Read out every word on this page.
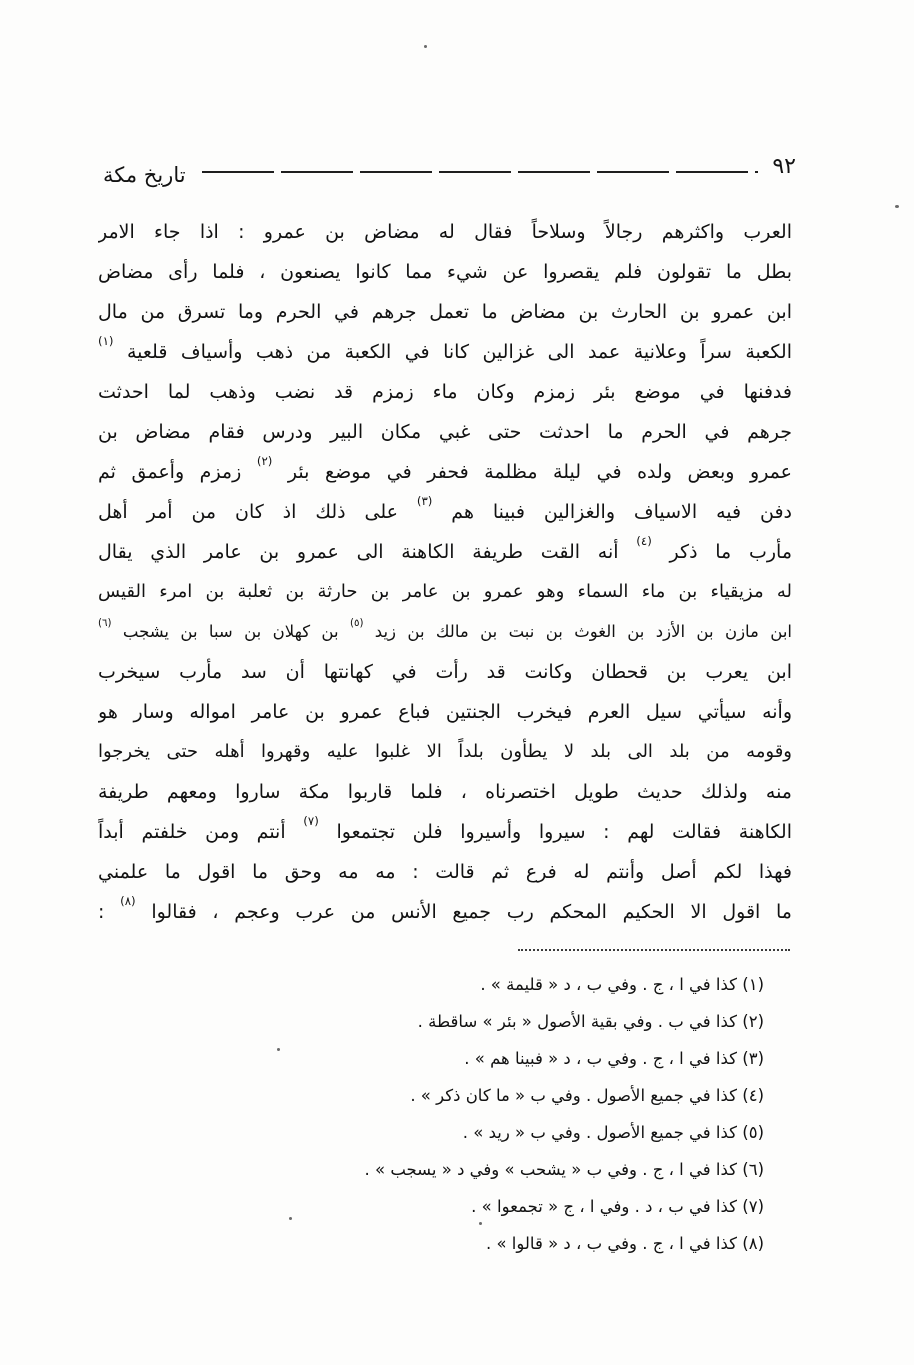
٩٢
تاريخ مكة
العرب واكثرهم رجالاً وسلاحاً فقال له مضاض بن عمرو : اذا جاء الامر
بطل ما تقولون فلم يقصروا عن شيء مما كانوا يصنعون ، فلما رأى مضاض
ابن عمرو بن الحارث بن مضاض ما تعمل جرهم في الحرم وما تسرق من مال
الكعبة سراً وعلانية عمد الى غزالين كانا في الكعبة من ذهب وأسياف قلعية $^{(١)}$
فدفنها في موضع بئر زمزم وكان ماء زمزم قد نضب وذهب لما احدثت
جرهم في الحرم ما احدثت حتى غبي مكان البير ودرس فقام مضاض بن
عمرو وبعض ولده في ليلة مظلمة فحفر في موضع بئر $^{(٢)}$ زمزم وأعمق ثم
دفن فيه الاسياف والغزالين فبينا هم $^{(٣)}$ على ذلك اذ كان من أمر أهل
مأرب ما ذكر $^{(٤)}$ أنه القت طريفة الكاهنة الى عمرو بن عامر الذي يقال
له مزيقياء بن ماء السماء وهو عمرو بن عامر بن حارثة بن ثعلبة بن امرء القيس
ابن مازن بن الأزد بن الغوث بن نبت بن مالك بن زيد $^{(٥)}$ بن كهلان بن سبا بن يشجب $^{(٦)}$
ابن يعرب بن قحطان وكانت قد رأت في كهانتها أن سد مأرب سيخرب
وأنه سيأتي سيل العرم فيخرب الجنتين فباع عمرو بن عامر امواله وسار هو
وقومه من بلد الى بلد لا يطأون بلداً الا غلبوا عليه وقهروا أهله حتى يخرجوا
منه ولذلك حديث طويل اختصرناه ، فلما قاربوا مكة ساروا ومعهم طريفة
الكاهنة فقالت لهم : سيروا وأسيروا فلن تجتمعوا $^{(٧)}$ أنتم ومن خلفتم أبداً
فهذا لكم أصل وأنتم له فرع ثم قالت : مه مه وحق ما اقول ما علمني
ما اقول الا الحكيم المحكم رب جميع الأنس من عرب وعجم ، فقالوا $^{(٨)}$ :
(١) كذا في ا ، ج . وفي ب ، د « قليمة » .
(٢) كذا في ب . وفي بقية الأصول « بئر » ساقطة .
(٣) كذا في ا ، ج . وفي ب ، د « فبينا هم » .
(٤) كذا في جميع الأصول . وفي ب « ما كان ذكر » .
(٥) كذا في جميع الأصول . وفي ب « ريد » .
(٦) كذا في ا ، ج . وفي ب « يشحب » وفي د « يسجب » .
(٧) كذا في ب ، د . وفي ا ، ج « تجمعوا » .
(٨) كذا في ا ، ج . وفي ب ، د « قالوا » .
